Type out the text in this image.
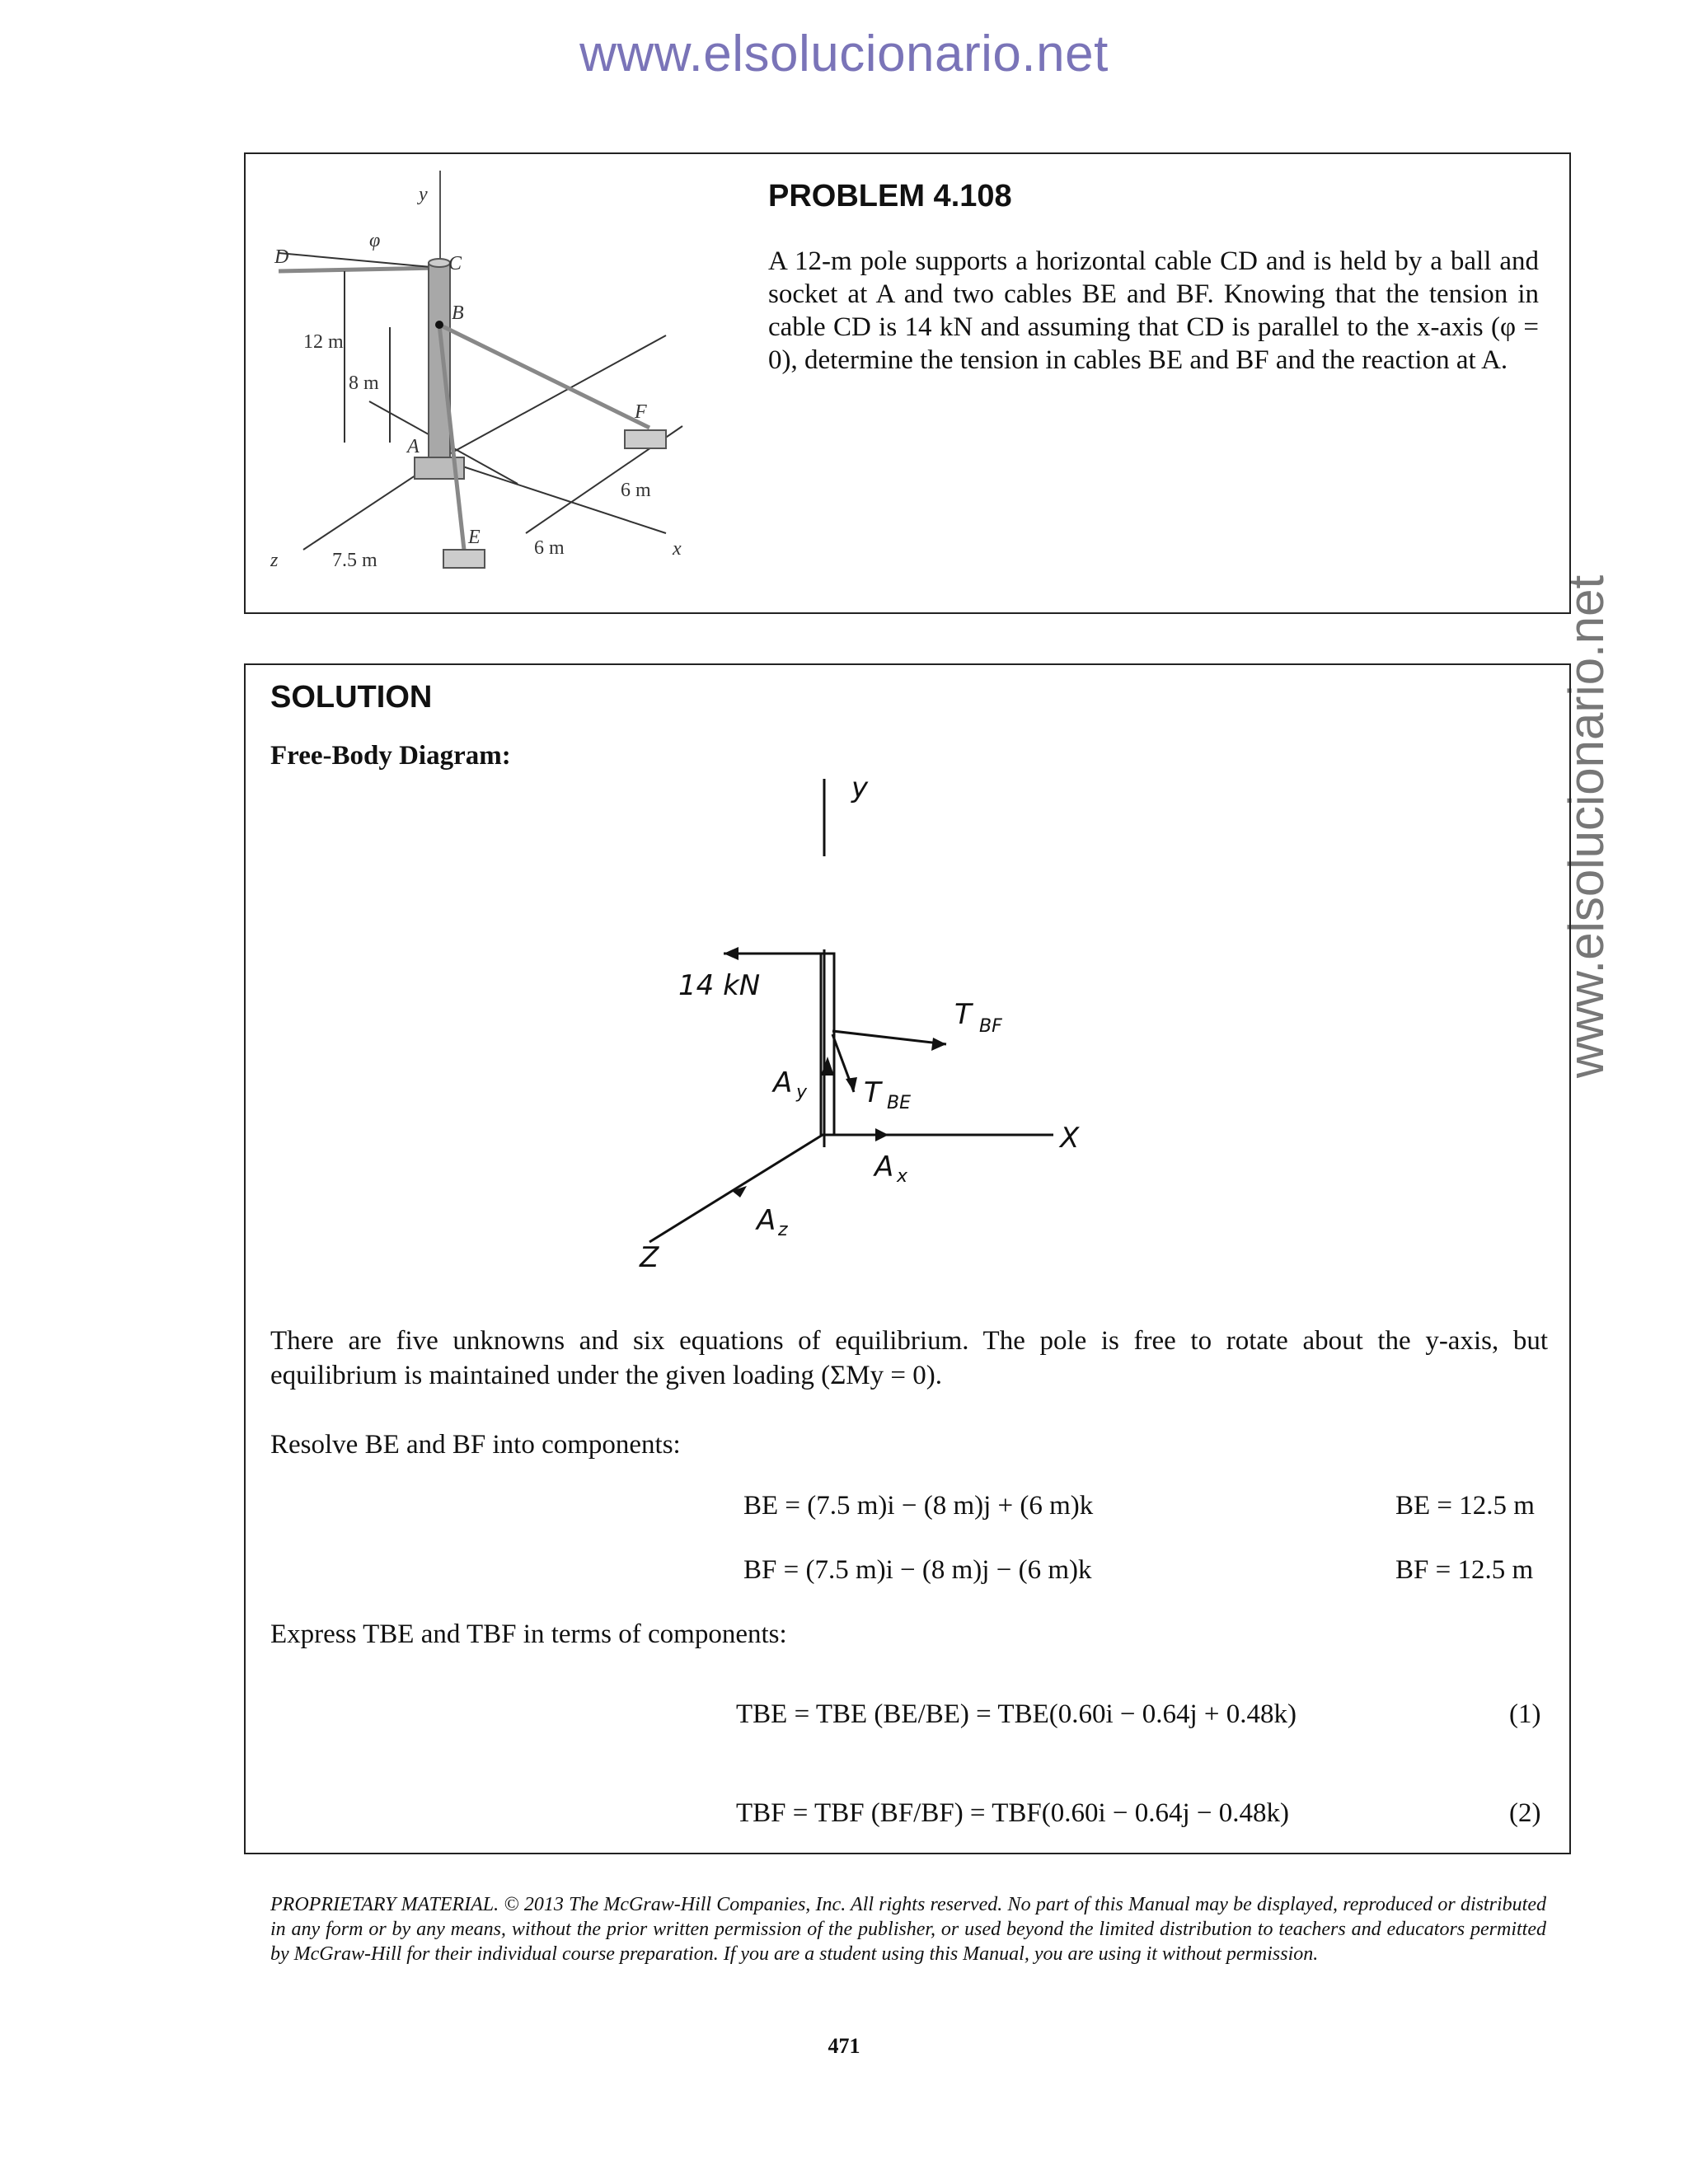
www.elsolucionario.net
www.elsolucionario.net
y
D
φ
C
B
A
F
E
z
x
12 m
8 m
6 m
6 m
7.5 m
PROBLEM 4.108
A 12-m pole supports a horizontal cable CD and is held by a ball and socket at A and two cables BE and BF. Knowing that the tension in cable CD is 14 kN and assuming that CD is parallel to the x-axis (φ = 0), determine the tension in cables BE and BF and the reaction at A.
SOLUTION
Free-Body Diagram:
y
14 kN
T BF
T BE
A y
A x
A z
X
Z
There are five unknowns and six equations of equilibrium. The pole is free to rotate about the y-axis, but
equilibrium is maintained under the given loading (ΣMy = 0).
Resolve BE and BF into components:
BE = (7.5 m)i − (8 m)j + (6 m)k	BE = 12.5 m
BF = (7.5 m)i − (8 m)j − (6 m)k	BF = 12.5 m
Express TBE and TBF in terms of components:
TBE = TBE (BE/BE) = TBE(0.60i − 0.64j + 0.48k)	(1)
TBF = TBF (BF/BF) = TBF(0.60i − 0.64j − 0.48k)	(2)
PROPRIETARY MATERIAL. © 2013 The McGraw-Hill Companies, Inc. All rights reserved. No part of this Manual may be displayed, reproduced or distributed in any form or by any means, without the prior written permission of the publisher, or used beyond the limited distribution to teachers and educators permitted by McGraw-Hill for their individual course preparation. If you are a student using this Manual, you are using it without permission.
471
